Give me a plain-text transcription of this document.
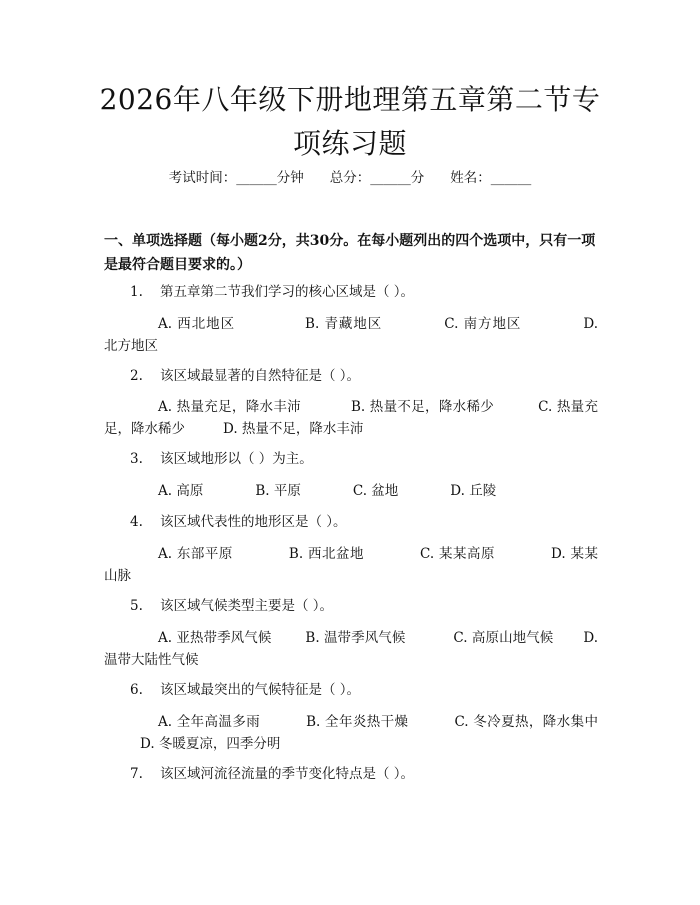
2026年八年级下册地理第五章第二节专项练习题
考试时间：______分钟 总分：______分 姓名：______
一、单项选择题（每小题2分，共30分。在每小题列出的四个选项中，只有一项是最符合题目要求的。）
1. 第五章第二节我们学习的核心区域是（ ）。
A. 西北地区	B. 青藏地区	C. 南方地区	D. 北方地区
2. 该区域最显著的自然特征是（ ）。
A. 热量充足，降水丰沛	B. 热量不足，降水稀少	C. 热量充足，降水稀少	D. 热量不足，降水丰沛
3. 该区域地形以（ ）为主。
A. 高原	B. 平原	C. 盆地	D. 丘陵
4. 该区域代表性的地形区是（ ）。
A. 东部平原	B. 西北盆地	C. 某某高原	D. 某某山脉
5. 该区域气候类型主要是（ ）。
A. 亚热带季风气候	B. 温带季风气候	C. 高原山地气候 D. 温带大陆性气候
6. 该区域最突出的气候特征是（ ）。
A. 全年高温多雨	B. 全年炎热干燥	C. 冬冷夏热，降水集中D. 冬暖夏凉，四季分明
7. 该区域河流径流量的季节变化特点是（ ）。
